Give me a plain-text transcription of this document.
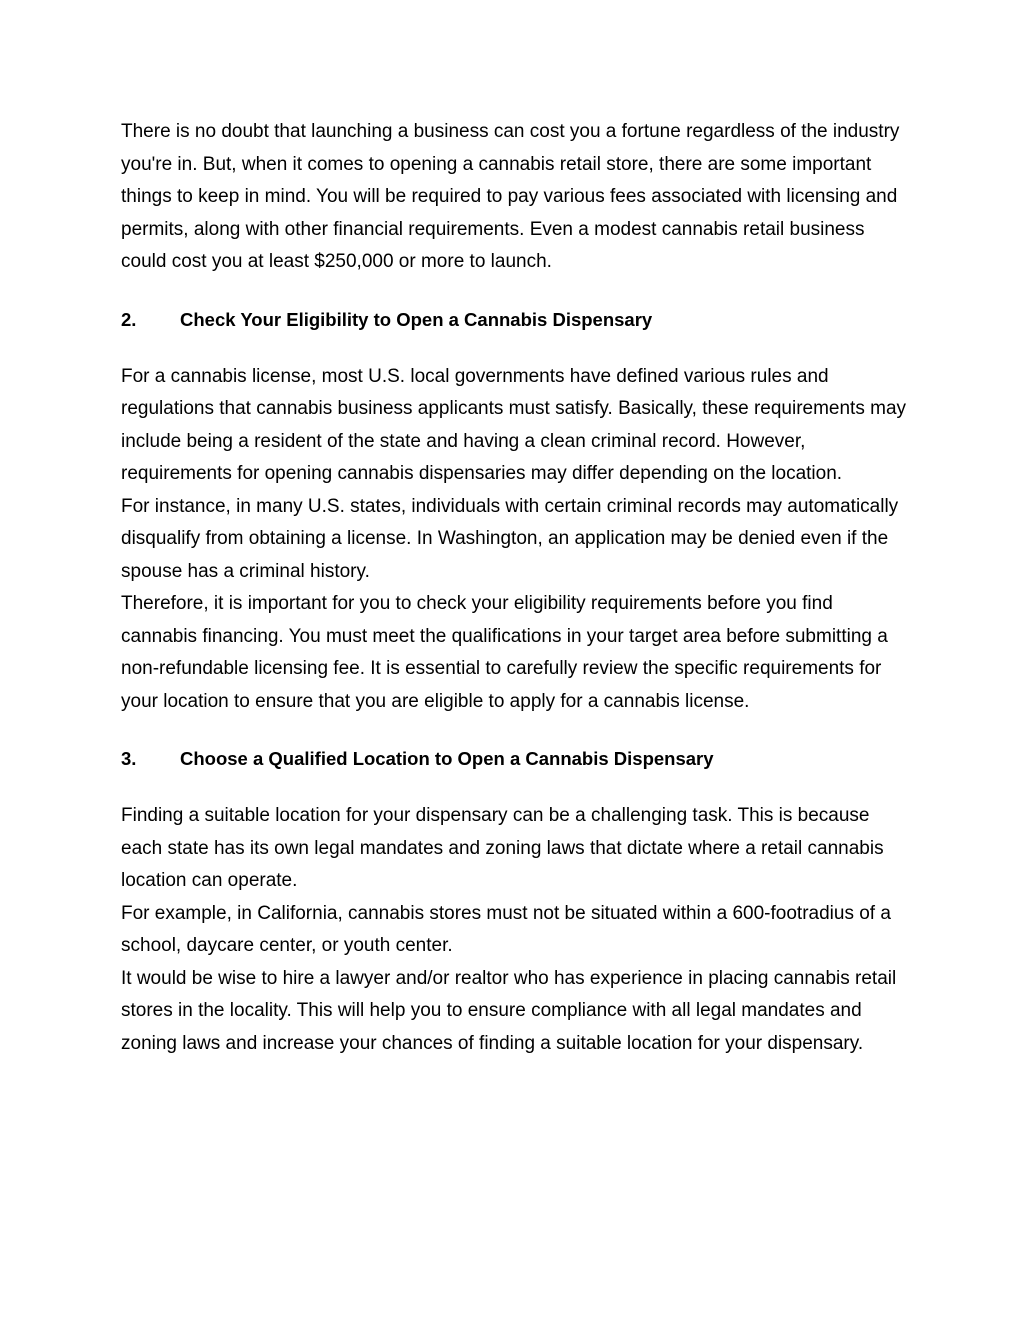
There is no doubt that launching a business can cost you a fortune regardless of the industry you're in. But, when it comes to opening a cannabis retail store, there are some important things to keep in mind. You will be required to pay various fees associated with licensing and permits, along with other financial requirements. Even a modest cannabis retail business could cost you at least $250,000 or more to launch.

2.	Check Your Eligibility to Open a Cannabis Dispensary

For a cannabis license, most U.S. local governments have defined various rules and regulations that cannabis business applicants must satisfy. Basically, these requirements may include being a resident of the state and having a clean criminal record. However, requirements for opening cannabis dispensaries may differ depending on the location.

For instance, in many U.S. states, individuals with certain criminal records may automatically disqualify from obtaining a license. In Washington, an application may be denied even if the spouse has a criminal history.

Therefore, it is important for you to check your eligibility requirements before you find cannabis financing. You must meet the qualifications in your target area before submitting a non-refundable licensing fee. It is essential to carefully review the specific requirements for your location to ensure that you are eligible to apply for a cannabis license.

3.	Choose a Qualified Location to Open a Cannabis Dispensary

Finding a suitable location for your dispensary can be a challenging task. This is because each state has its own legal mandates and zoning laws that dictate where a retail cannabis location can operate.

For example, in California, cannabis stores must not be situated within a 600-footradius of a school, daycare center, or youth center.

It would be wise to hire a lawyer and/or realtor who has experience in placing cannabis retail stores in the locality. This will help you to ensure compliance with all legal mandates and zoning laws and increase your chances of finding a suitable location for your dispensary.
